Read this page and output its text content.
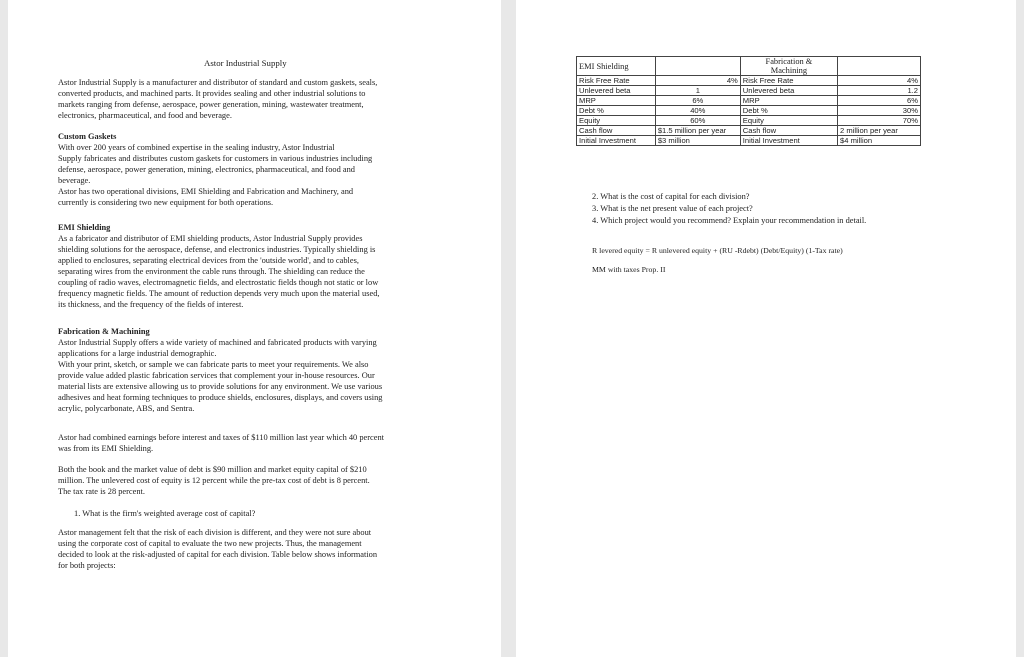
Astor Industrial Supply
Astor Industrial Supply is a manufacturer and distributor of standard and custom gaskets, seals,
converted products, and machined parts. It provides sealing and other industrial solutions to
markets ranging from defense, aerospace, power generation, mining, wastewater treatment,
electronics, pharmaceutical, and food and beverage.
Custom Gaskets
With over 200 years of combined expertise in the sealing industry, Astor Industrial
Supply fabricates and distributes custom gaskets for customers in various industries including
defense, aerospace, power generation, mining, electronics, pharmaceutical, and food and
beverage.
Astor has two operational divisions, EMI Shielding and Fabrication and Machinery, and
currently is considering two new equipment for both operations.
EMI Shielding
As a fabricator and distributor of EMI shielding products, Astor Industrial Supply provides
shielding solutions for the aerospace, defense, and electronics industries. Typically shielding is
applied to enclosures, separating electrical devices from the 'outside world', and to cables,
separating wires from the environment the cable runs through. The shielding can reduce the
coupling of radio waves, electromagnetic fields, and electrostatic fields though not static or low
frequency magnetic fields. The amount of reduction depends very much upon the material used,
its thickness, and the frequency of the fields of interest.
Fabrication & Machining
Astor Industrial Supply offers a wide variety of machined and fabricated products with varying
applications for a large industrial demographic.
With your print, sketch, or sample we can fabricate parts to meet your requirements. We also
provide value added plastic fabrication services that complement your in-house resources. Our
material lists are extensive allowing us to provide solutions for any environment. We use various
adhesives and heat forming techniques to produce shields, enclosures, displays, and covers using
acrylic, polycarbonate, ABS, and Sentra.
Astor had combined earnings before interest and taxes of $110 million last year which 40 percent
was from its EMI Shielding.
Both the book and the market value of debt is $90 million and market equity capital of $210
million. The unlevered cost of equity is 12 percent while the pre-tax cost of debt is 8 percent.
The tax rate is 28 percent.
1. What is the firm's weighted average cost of capital?
Astor management felt that the risk of each division is different, and they were not sure about
using the corporate cost of capital to evaluate the two new projects. Thus, the management
decided to look at the risk-adjusted of capital for each division. Table below shows information
for both projects:
EMI Shielding		Fabrication &
Machining	
Risk Free Rate	4%	Risk Free Rate	4%
Unlevered beta	1	Unlevered beta	1.2
MRP	6%	MRP	6%
Debt %	40%	Debt %	30%
Equity	60%	Equity	70%
Cash flow	$1.5 million per year	Cash flow	2 million per year
Initial Investment	$3 million	Initial Investment	$4 million
2. What is the cost of capital for each division?
3. What is the net present value of each project?
4. Which project would you recommend? Explain your recommendation in detail.
R levered equity = R unlevered equity + (RU -Rdebt) (Debt/Equity) (1-Tax rate)
MM with taxes Prop. II
